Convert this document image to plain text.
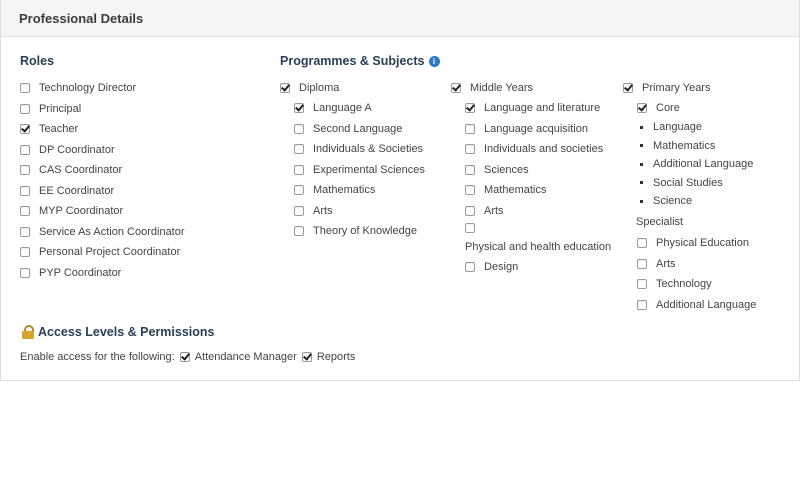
Professional Details
Roles	Programmes & Subjects	i
Access Levels & Permissions
Enable access for the following: Attendance Manager Reports
Technology Director
Principal
Teacher
DP Coordinator
CAS Coordinator
EE Coordinator
MYP Coordinator
Service As Action Coordinator
Personal Project Coordinator
PYP Coordinator
Diploma
Language A
Second Language
Individuals & Societies
Experimental Sciences
Mathematics
Arts
Theory of Knowledge
Middle Years
Language and literature
Language acquisition
Individuals and societies
Sciences
Mathematics
Arts
Physical and health education
Design
Primary Years
Core
Language
Mathematics
Additional Language
Social Studies
Science
Specialist
Physical Education
Arts
Technology
Additional Language
